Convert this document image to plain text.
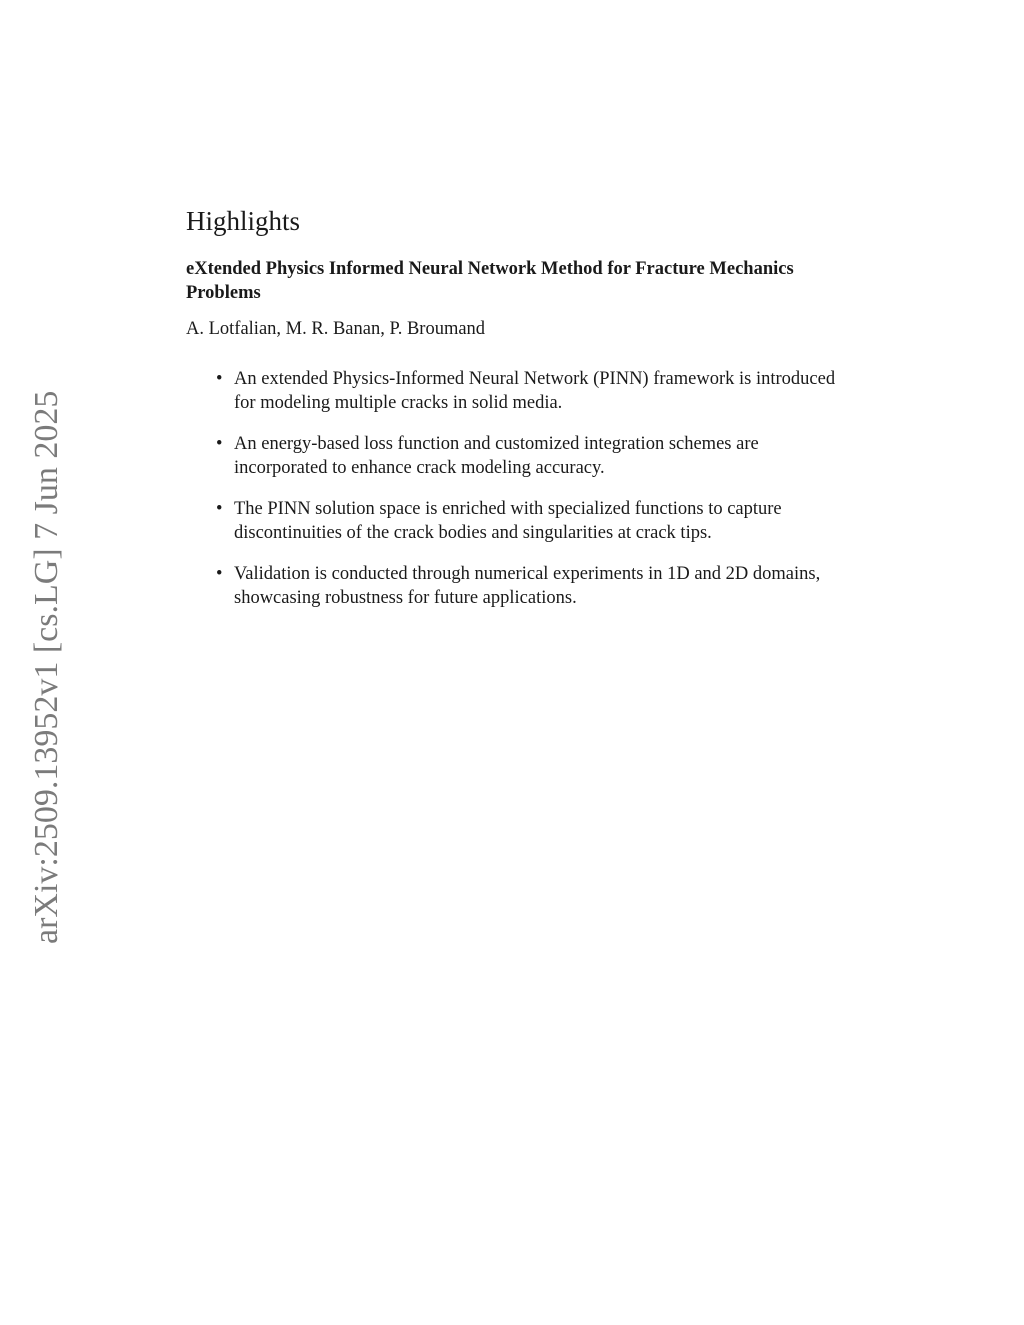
arXiv:2509.13952v1 [cs.LG] 7 Jun 2025
Highlights
eXtended Physics Informed Neural Network Method for Fracture Mechanics Problems
A. Lotfalian, M. R. Banan, P. Broumand
• An extended Physics-Informed Neural Network (PINN) framework is introduced for modeling multiple cracks in solid media.
• An energy-based loss function and customized integration schemes are incorporated to enhance crack modeling accuracy.
• The PINN solution space is enriched with specialized functions to capture discontinuities of the crack bodies and singularities at crack tips.
• Validation is conducted through numerical experiments in 1D and 2D domains, showcasing robustness for future applications.
